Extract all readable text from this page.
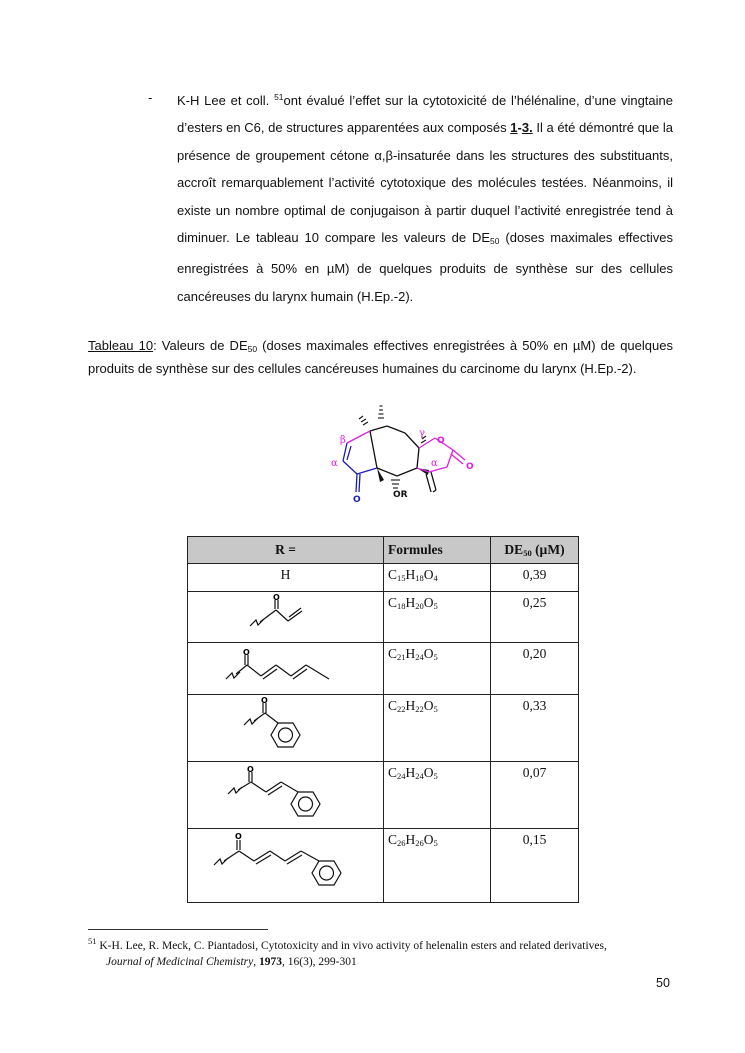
- K-H Lee et coll. $^{51}$ont évalué l’effet sur la cytotoxicité de l’hélénaline, d’une vingtaine d’esters en C6, de structures apparentées aux composés 1-3. Il a été démontré que la présence de groupement cétone α,β-insaturée dans les structures des substituants, accroît remarquablement l’activité cytotoxique des molécules testées. Néanmoins, il existe un nombre optimal de conjugaison à partir duquel l’activité enregistrée tend à diminuer. Le tableau 10 compare les valeurs de $DE_{50}$ (doses maximales effectives enregistrées à 50% en µM) de quelques produits de synthèse sur des cellules cancéreuses du larynx humain (H.Ep.-2).
Tableau 10: Valeurs de $DE_{50}$ (doses maximales effectives enregistrées à 50% en µM) de quelques produits de synthèse sur des cellules cancéreuses humaines du carcinome du larynx (H.Ep.-2).
β
α
γ
α
O
O
O	OR
R =	Formules	$DE_{50}$ (µM)

H	$C_{15}H_{18}O_4$	0,39

O	$C_{18}H_{20}O_5$	0,25

O	$C_{21}H_{24}O_5$	0,20

O	$C_{22}H_{22}O_5$	0,33

O	$C_{24}H_{24}O_5$	0,07

O	$C_{26}H_{26}O_5$	0,15
$^{51}$ K-H. Lee, R. Meck, C. Piantadosi, Cytotoxicity and in vivo activity of helenalin esters and related derivatives,
Journal of Medicinal Chemistry, 1973, 16(3), 299-301
50
